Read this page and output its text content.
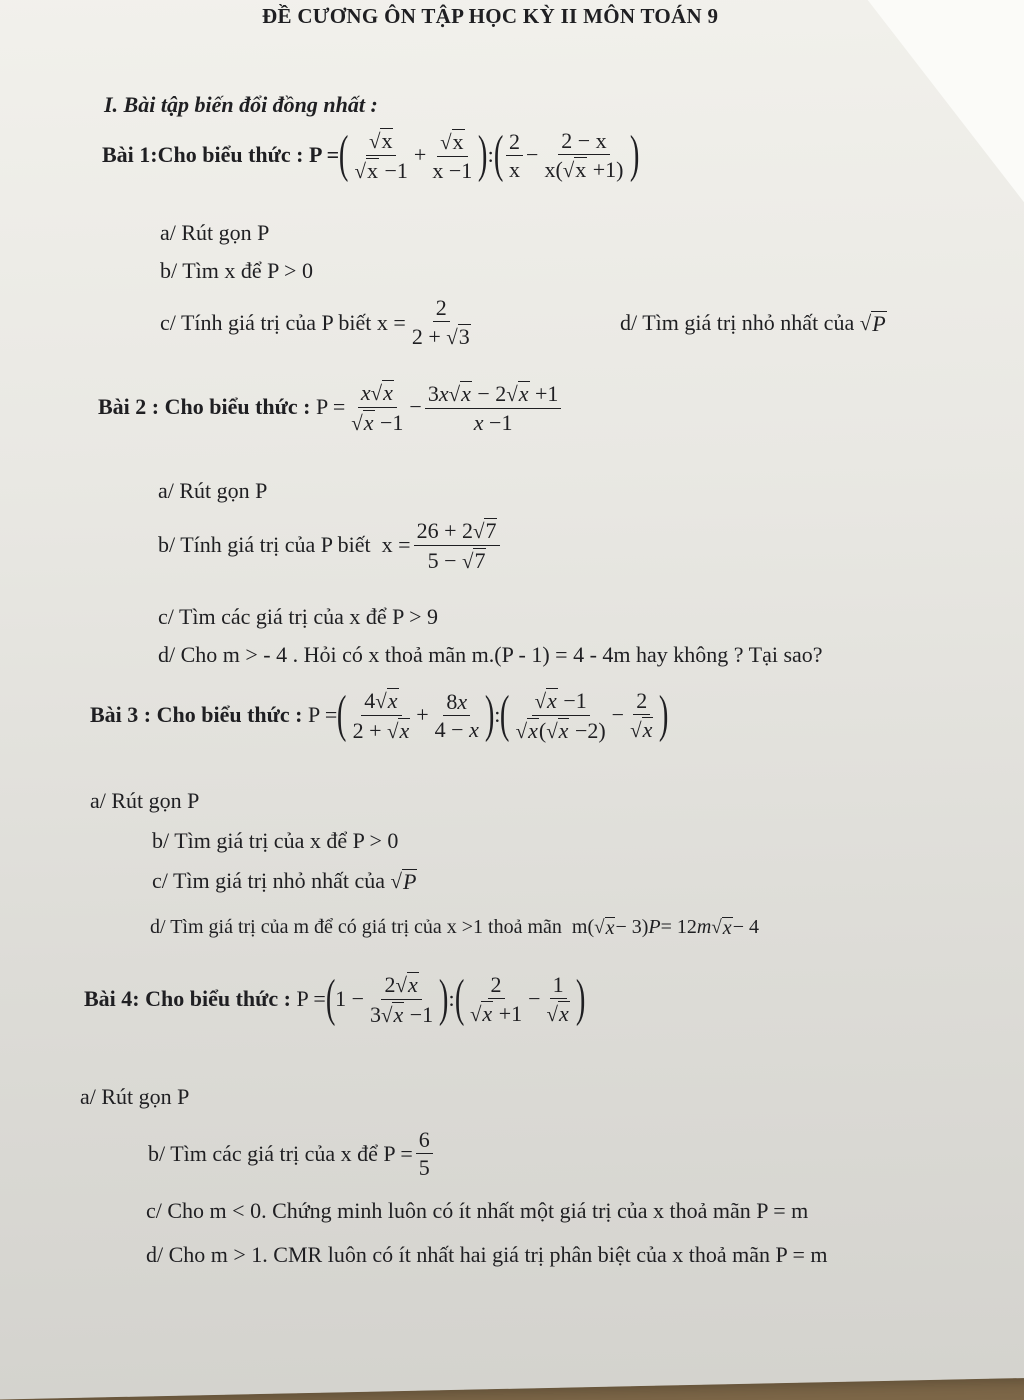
ĐỀ CƯƠNG ÔN TẬP HỌC KỲ II MÔN TOÁN 9
I. Bài tập biến đổi đồng nhất :
Bài 1:Cho biểu thức : P = ( $\frac{√x}{√x -1} + \frac{√x}{x -1}$ ) : ( $\frac{2}{x} - \frac{2 - x}{x(√x +1)}$ )
a/ Rút gọn P
b/ Tìm x để P > 0
c/ Tính giá trị của P biết $x = \frac{2}{2 + √3}$	d/ Tìm giá trị nhỏ nhất của
√ P
Bài 2 : Cho biểu thức : $P = \frac{x√x}{√x -1} - \frac{3x√x - 2√x +1}{x -1}$
a/ Rút gọn P
b/ Tính giá trị của P biết $x = \frac{26 + 2√7}{5 - √7}$
c/ Tìm các giá trị của x để P > 9
d/ Cho m > - 4 . Hỏi có x thoả mãn m.(P - 1) = 4 - 4m hay không ? Tại sao?
Bài 3 : Cho biểu thức : P = ( $\frac{4√x}{2 + √x} + \frac{8x}{4 - x}$ ) : ( $\frac{√x -1}{√x(√x -2)} - \frac{2}{√x}$ )
a/ Rút gọn P
b/ Tìm giá trị của x để P > 0
c/ Tìm giá trị nhỏ nhất của
√ P
d/ Tìm giá trị của m để có giá trị của x >1 thoả mãn m( √ x − 3) P = 12 m √ x − 4
Bài 4: Cho biểu thức : P = ( $1 - \frac{2√x}{3√x -1}$ ) : ( $\frac{2}{√x +1} - \frac{1}{√x}$ )
a/ Rút gọn P
b/ Tìm các giá trị của x để $P = \frac{6}{5}$
c/ Cho m < 0. Chứng minh luôn có ít nhất một giá trị của x thoả mãn P = m
d/ Cho m > 1. CMR luôn có ít nhất hai giá trị phân biệt của x thoả mãn P = m
